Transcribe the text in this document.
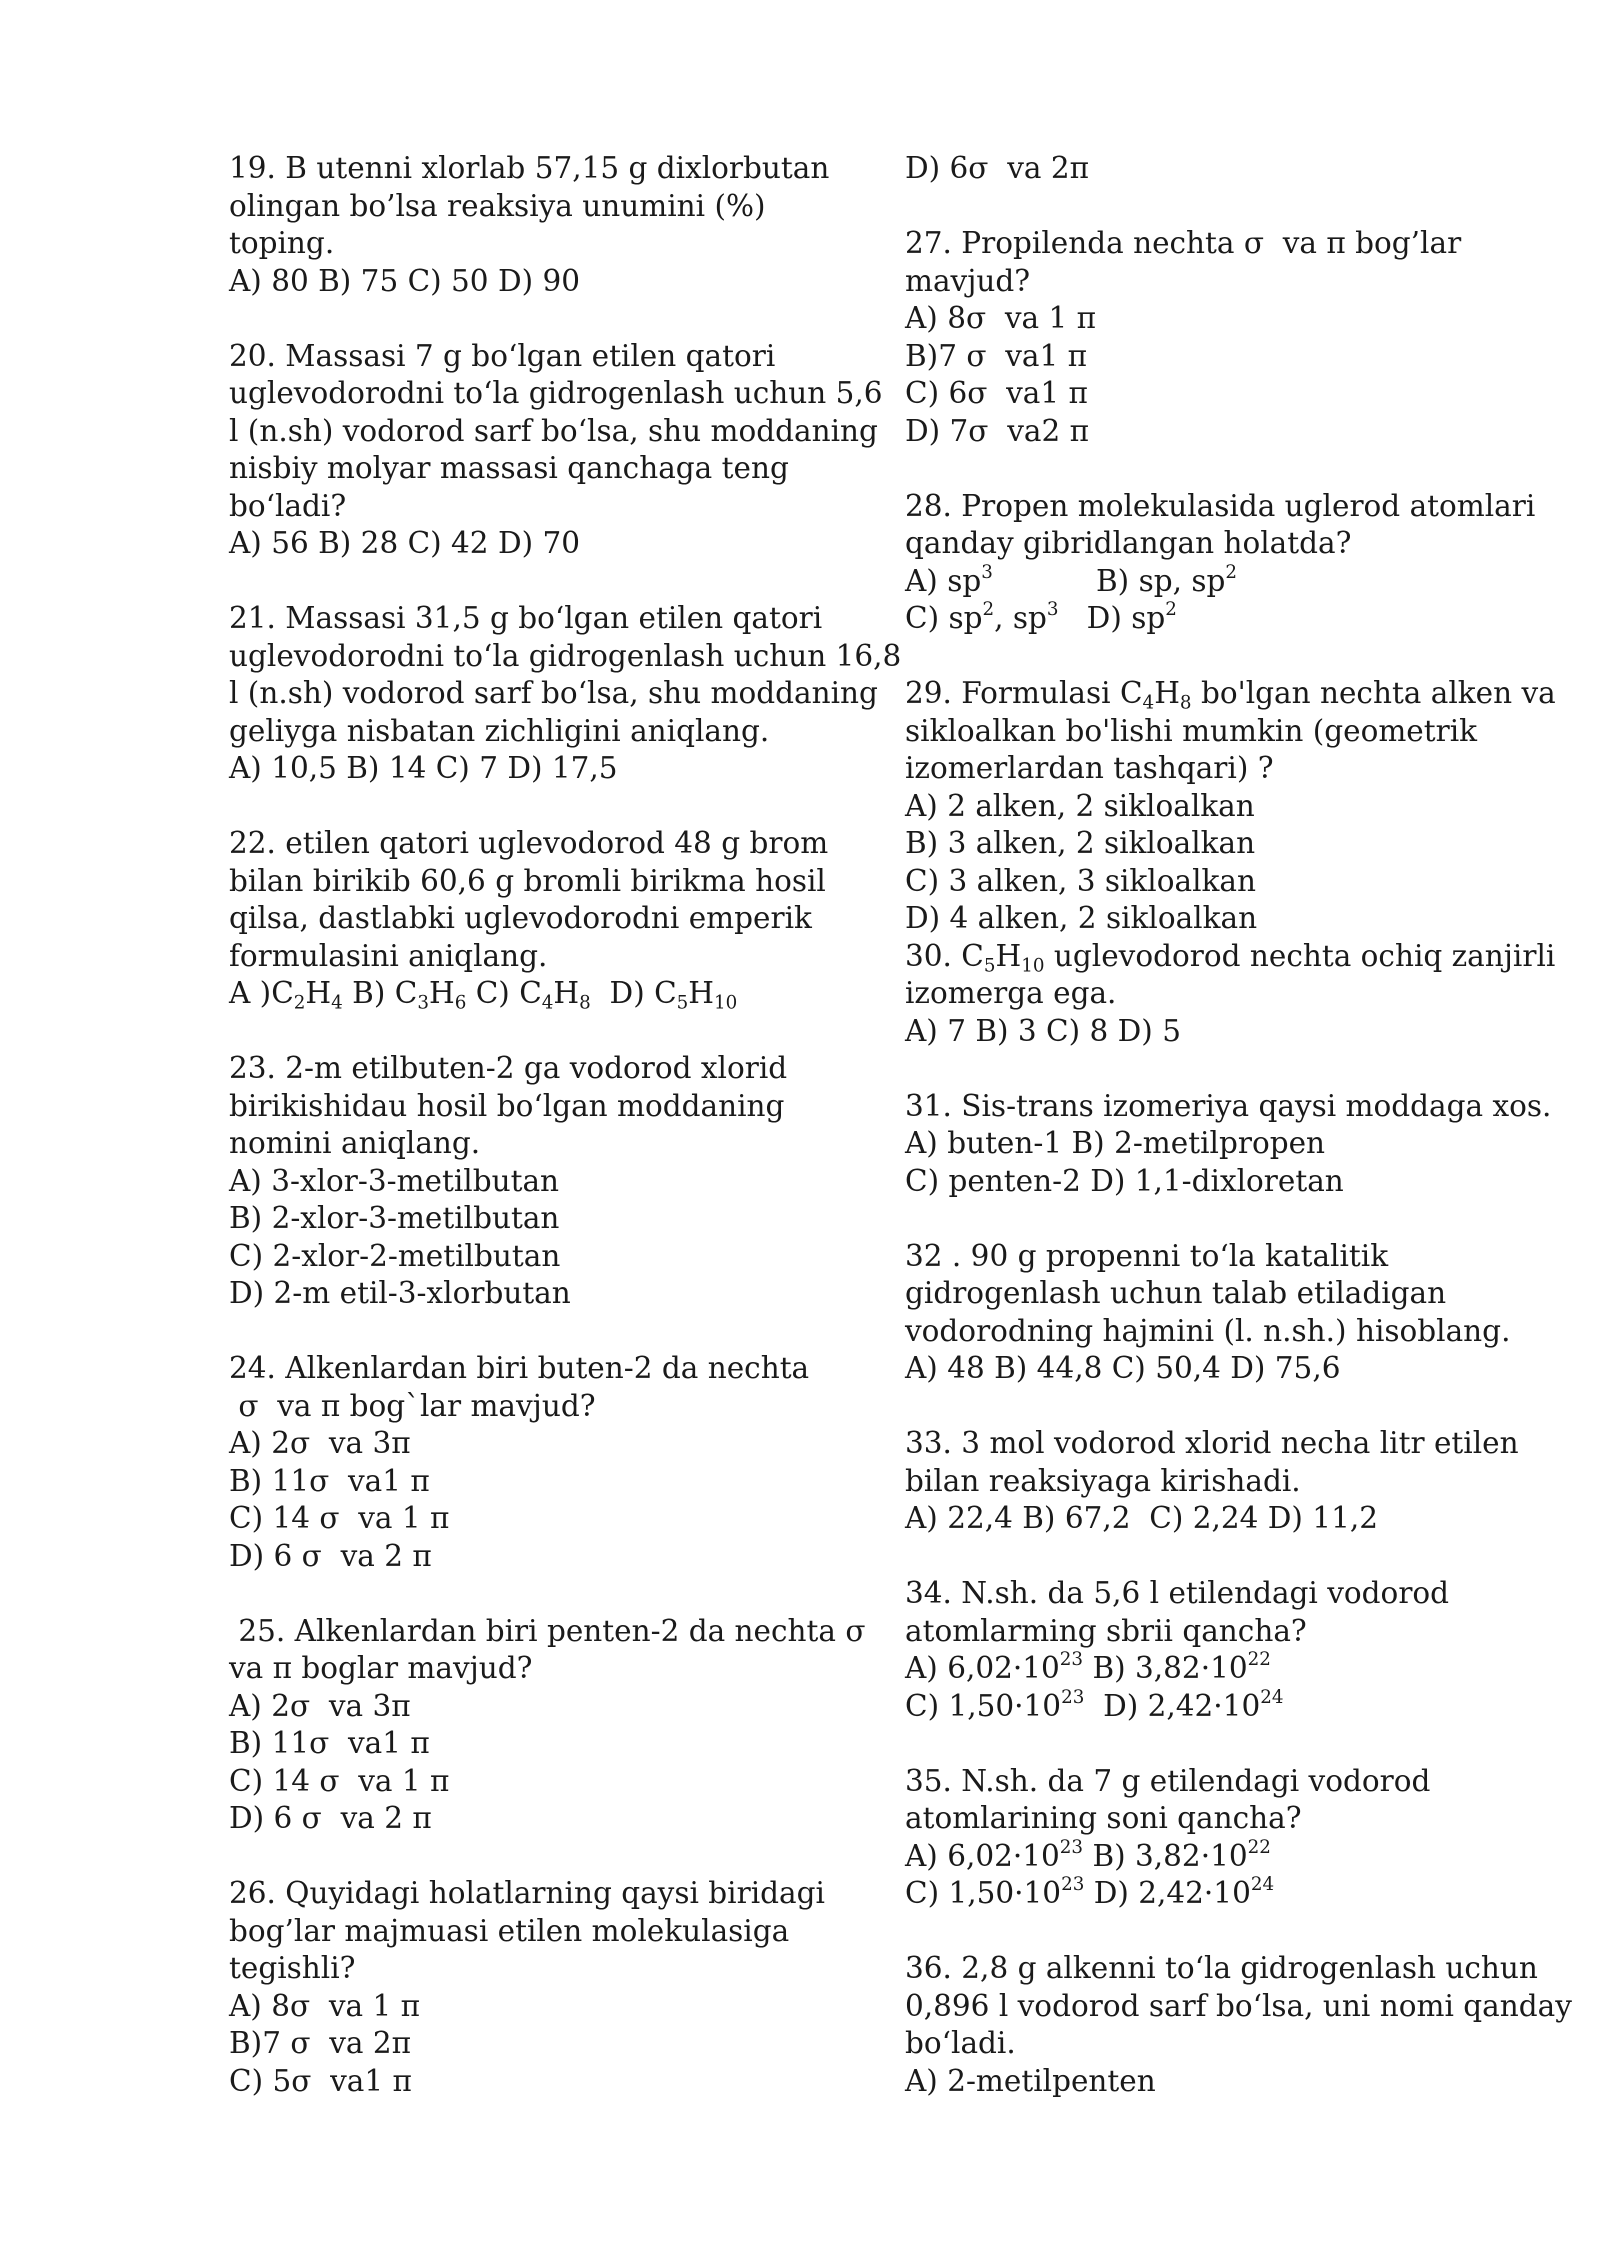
19. B utenni xlorlab 57,15 g dixlorbutan
olingan bo’lsa reaksiya unumini (%)
toping.
A) 80 B) 75 C) 50 D) 90
20. Massasi 7 g bo‘lgan etilen qatori
uglevodorodni to‘la gidrogenlash uchun 5,6
l (n.sh) vodorod sarf bo‘lsa, shu moddaning
nisbiy molyar massasi qanchaga teng
bo‘ladi?
A) 56 B) 28 C) 42 D) 70
21. Massasi 31,5 g bo‘lgan etilen qatori
uglevodorodni to‘la gidrogenlash uchun 16,8
l (n.sh) vodorod sarf bo‘lsa, shu moddaning
geliyga nisbatan zichligini aniqlang.
A) 10,5 B) 14 C) 7 D) 17,5
22. etilen qatori uglevodorod 48 g brom
bilan birikib 60,6 g bromli birikma hosil
qilsa, dastlabki uglevodorodni emperik
formulasini aniqlang.
A )$C_2H_4$ B) $C_3H_6$ C) $C_4H_8$  D) $C_5H_{10}$
23. 2-m etilbuten-2 ga vodorod xlorid
birikishidau hosil bo‘lgan moddaning
nomini aniqlang.
A) 3-xlor-3-metilbutan
B) 2-xlor-3-metilbutan
C) 2-xlor-2-metilbutan
D) 2-m etil-3-xlorbutan
24. Alkenlardan biri buten-2 da nechta
σ  va π bog`lar mavjud?
A) 2σ  va 3π
B) 11σ  va1 π
C) 14 σ  va 1 π
D) 6 σ  va 2 π
25. Alkenlardan biri penten-2 da nechta σ
va π boglar mavjud?
A) 2σ  va 3π
B) 11σ  va1 π
C) 14 σ  va 1 π
D) 6 σ  va 2 π
26. Quyidagi holatlarning qaysi biridagi
bog’lar majmuasi etilen molekulasiga
tegishli?
A) 8σ  va 1 π
B)7 σ  va 2π
C) 5σ  va1 π
D) 6σ  va 2π
27. Propilenda nechta σ  va π bog’lar
mavjud?
A) 8σ  va 1 π
B)7 σ  va1 π
C) 6σ  va1 π
D) 7σ  va2 π
28. Propen molekulasida uglerod atomlari
qanday gibridlangan holatda?
A) $sp^3$           B) sp, $sp^2$
C) $sp^2$, $sp^3$   D) $sp^2$
29. Formulasi $C_4H_8$ bo'lgan nechta alken va
sikloalkan bo'lishi mumkin (geometrik
izomerlardan tashqari) ?
A) 2 alken, 2 sikloalkan
B) 3 alken, 2 sikloalkan
C) 3 alken, 3 sikloalkan
D) 4 alken, 2 sikloalkan
30. $C_5H_{10}$ uglevodorod nechta ochiq zanjirli
izomerga ega.
A) 7 B) 3 C) 8 D) 5
31. Sis-trans izomeriya qaysi moddaga xos.
A) buten-1 B) 2-metilpropen
C) penten-2 D) 1,1-dixloretan
32 . 90 g propenni to‘la katalitik
gidrogenlash uchun talab etiladigan
vodorodning hajmini (l. n.sh.) hisoblang.
A) 48 B) 44,8 C) 50,4 D) 75,6
33. 3 mol vodorod xlorid necha litr etilen
bilan reaksiyaga kirishadi.
A) 22,4 B) 67,2  C) 2,24 D) 11,2
34. N.sh. da 5,6 l etilendagi vodorod
atomlarming sbrii qancha?
A) $6,02\cdot 10^{23}$ B) $3,82\cdot 10^{22}$
C) $1,50\cdot 10^{23}$  D) $2,42\cdot 10^{24}$
35. N.sh. da 7 g etilendagi vodorod
atomlarining soni qancha?
A) $6,02\cdot 10^{23}$ B) $3,82\cdot 10^{22}$
C) $1,50\cdot 10^{23}$ D) $2,42\cdot 10^{24}$
36. 2,8 g alkenni to‘la gidrogenlash uchun
0,896 l vodorod sarf bo‘lsa, uni nomi qanday
bo‘ladi.
A) 2-metilpenten
